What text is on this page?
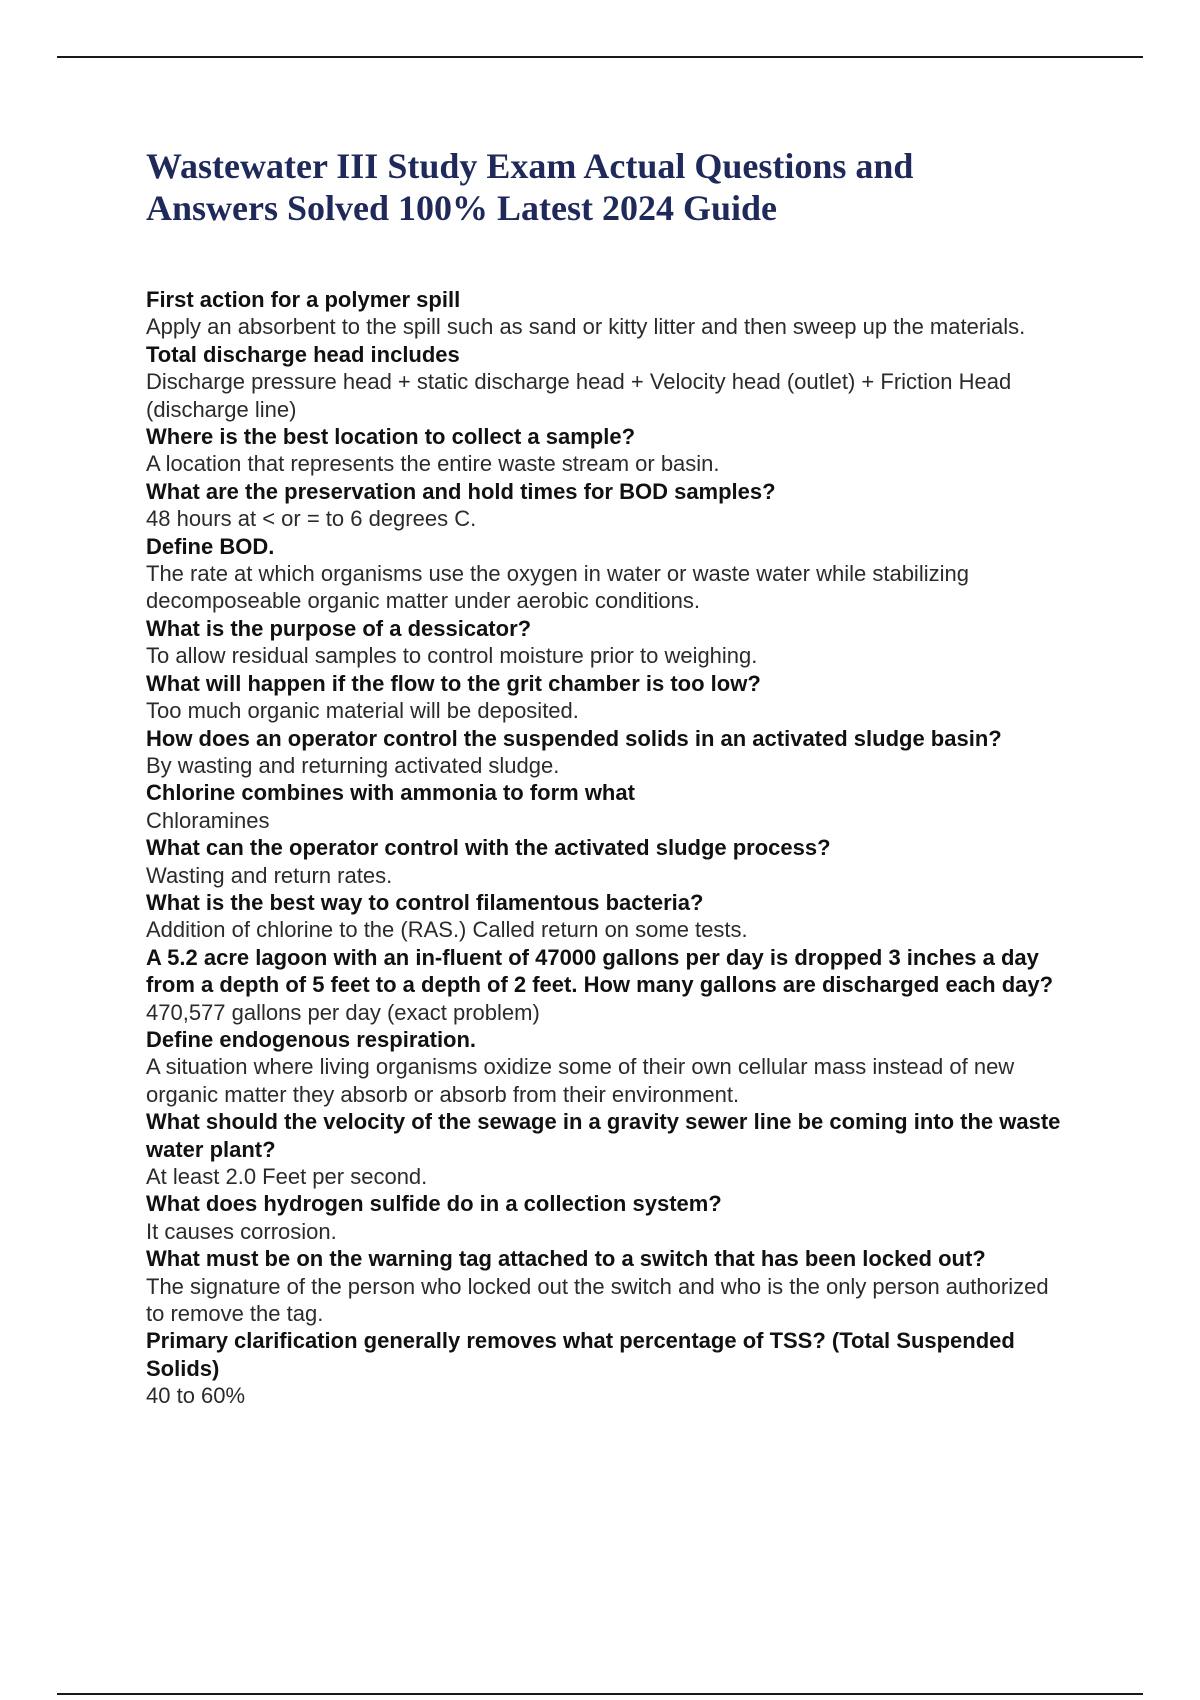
Wastewater III Study Exam Actual Questions and Answers Solved 100% Latest 2024 Guide

First action for a polymer spill

Apply an absorbent to the spill such as sand or kitty litter and then sweep up the materials.

Total discharge head includes

Discharge pressure head + static discharge head + Velocity head (outlet) + Friction Head (discharge line)

Where is the best location to collect a sample?

A location that represents the entire waste stream or basin.

What are the preservation and hold times for BOD samples?

48 hours at < or = to 6 degrees C.

Define BOD.

The rate at which organisms use the oxygen in water or waste water while stabilizing decomposeable organic matter under aerobic conditions.

What is the purpose of a dessicator?

To allow residual samples to control moisture prior to weighing.

What will happen if the flow to the grit chamber is too low?

Too much organic material will be deposited.

How does an operator control the suspended solids in an activated sludge basin?

By wasting and returning activated sludge.

Chlorine combines with ammonia to form what

Chloramines

What can the operator control with the activated sludge process?

Wasting and return rates.

What is the best way to control filamentous bacteria?

Addition of chlorine to the (RAS.) Called return on some tests.

A 5.2 acre lagoon with an in-fluent of 47000 gallons per day is dropped 3 inches a day from a depth of 5 feet to a depth of 2 feet. How many gallons are discharged each day?

470,577 gallons per day (exact problem)

Define endogenous respiration.

A situation where living organisms oxidize some of their own cellular mass instead of new organic matter they absorb or absorb from their environment.

What should the velocity of the sewage in a gravity sewer line be coming into the waste water plant?

At least 2.0 Feet per second.

What does hydrogen sulfide do in a collection system?

It causes corrosion.

What must be on the warning tag attached to a switch that has been locked out?

The signature of the person who locked out the switch and who is the only person authorized to remove the tag.

Primary clarification generally removes what percentage of TSS? (Total Suspended Solids)

40 to 60%
